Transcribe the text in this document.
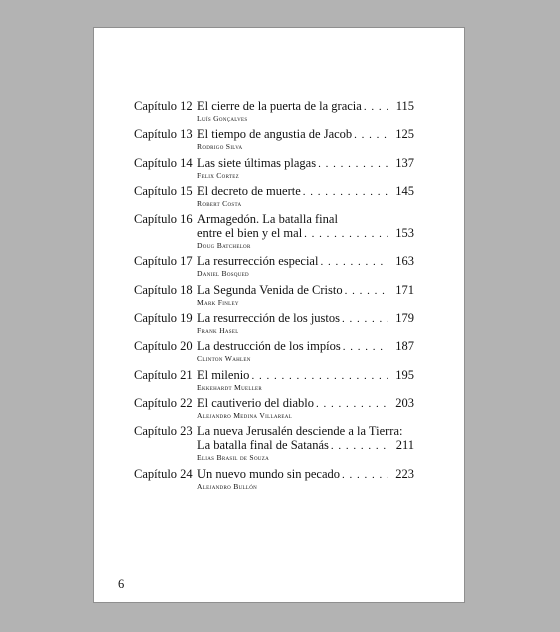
Capítulo 12 El cierre de la puerta de la gracia . . .	115
Luís Gonçalves
Capítulo 13 El tiempo de angustia de Jacob . . .	125
Rodrigo Silva
Capítulo 14 Las siete últimas plagas . . .	137
Felix Cortez
Capítulo 15 El decreto de muerte . . .	145
Robert Costa
Capítulo 16 Armagedón. La batalla final
entre el bien y el mal . . .	153
Doug Batchelor
Capítulo 17 La resurrección especial . . .	163
Daniel Bosqued
Capítulo 18 La Segunda Venida de Cristo . . .	171
Mark Finley
Capítulo 19 La resurrección de los justos . . .	179
Frank Hasel
Capítulo 20 La destrucción de los impíos . . .	187
Clinton Wahlen
Capítulo 21 El milenio . . .	195
Ekkehardt Mueller
Capítulo 22 El cautiverio del diablo . . .	203
Alejandro Medina Villareal
Capítulo 23 La nueva Jerusalén desciende a la Tierra:
La batalla final de Satanás . . .	211
Elias Brasil de Souza
Capítulo 24 Un nuevo mundo sin pecado . . .	223
Alejandro Bullón
6
